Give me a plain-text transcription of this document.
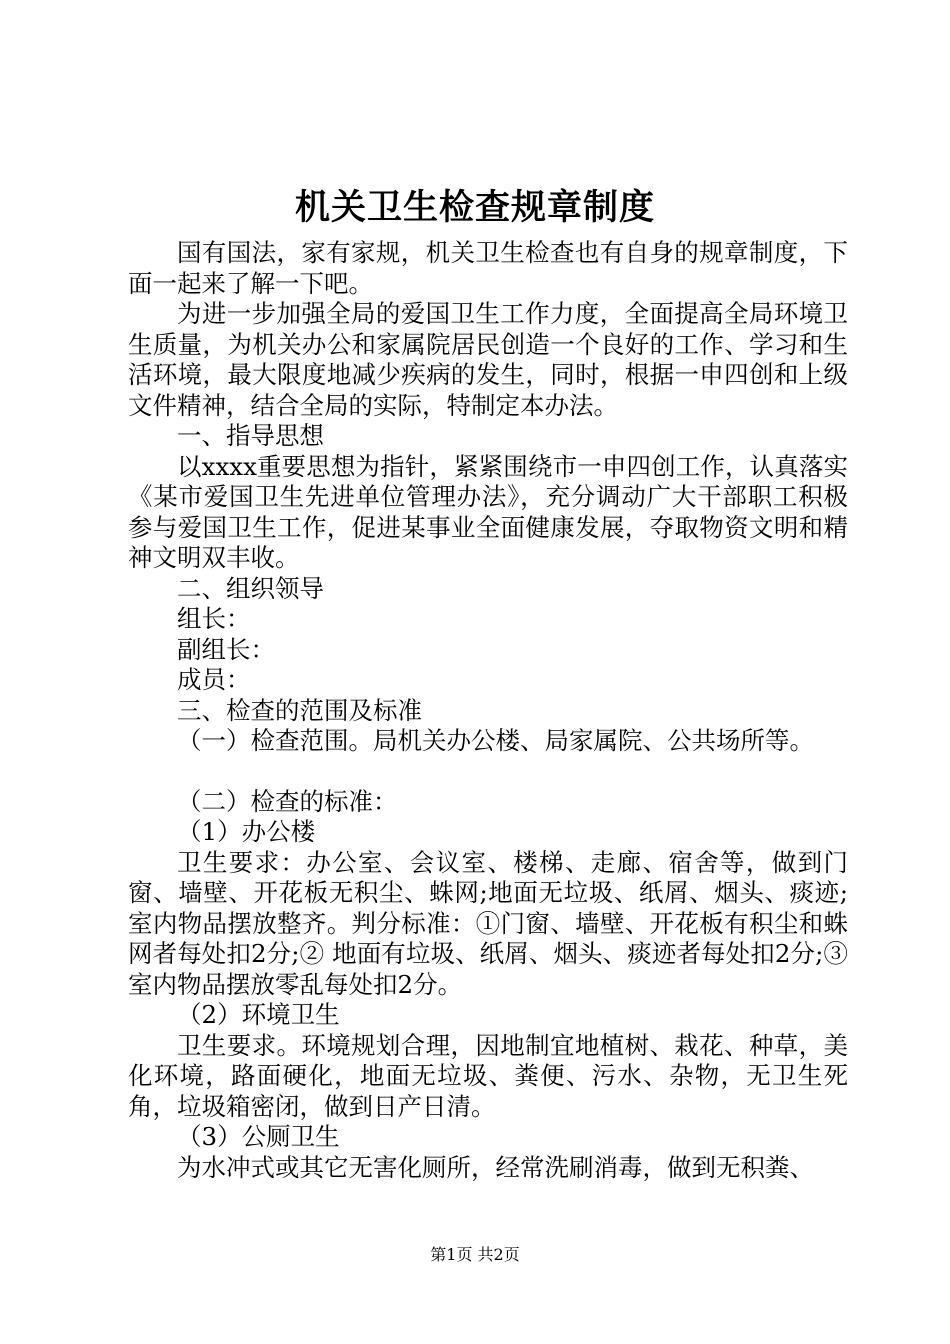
机关卫生检查规章制度

国有国法，家有家规，机关卫生检查也有自身的规章制度，下面一起来了解一下吧。

为进一步加强全局的爱国卫生工作力度，全面提高全局环境卫生质量，为机关办公和家属院居民创造一个良好的工作、学习和生活环境，最大限度地减少疾病的发生，同时，根据一申四创和上级文件精神，结合全局的实际，特制定本办法。

一、指导思想

以xxxx重要思想为指针，紧紧围绕市一申四创工作，认真落实《某市爱国卫生先进单位管理办法》，充分调动广大干部职工积极参与爱国卫生工作，促进某事业全面健康发展，夺取物资文明和精神文明双丰收。

二、组织领导

组长：

副组长：

成员：

三、检查的范围及标准

（一）检查范围。局机关办公楼、局家属院、公共场所等。

（二）检查的标准：

（1）办公楼

卫生要求：办公室、会议室、楼梯、走廊、宿舍等，做到门窗、墙壁、开花板无积尘、蛛网;地面无垃圾、纸屑、烟头、痰迹;室内物品摆放整齐。判分标准：①门窗、墙壁、开花板有积尘和蛛网者每处扣2分;② 地面有垃圾、纸屑、烟头、痰迹者每处扣2分;③ 室内物品摆放零乱每处扣2分。

（2）环境卫生

卫生要求。环境规划合理，因地制宜地植树、栽花、种草，美化环境，路面硬化，地面无垃圾、粪便、污水、杂物，无卫生死角，垃圾箱密闭，做到日产日清。

（3）公厕卫生

为水冲式或其它无害化厕所，经常洗刷消毒，做到无积粪、

第1页 共2页
